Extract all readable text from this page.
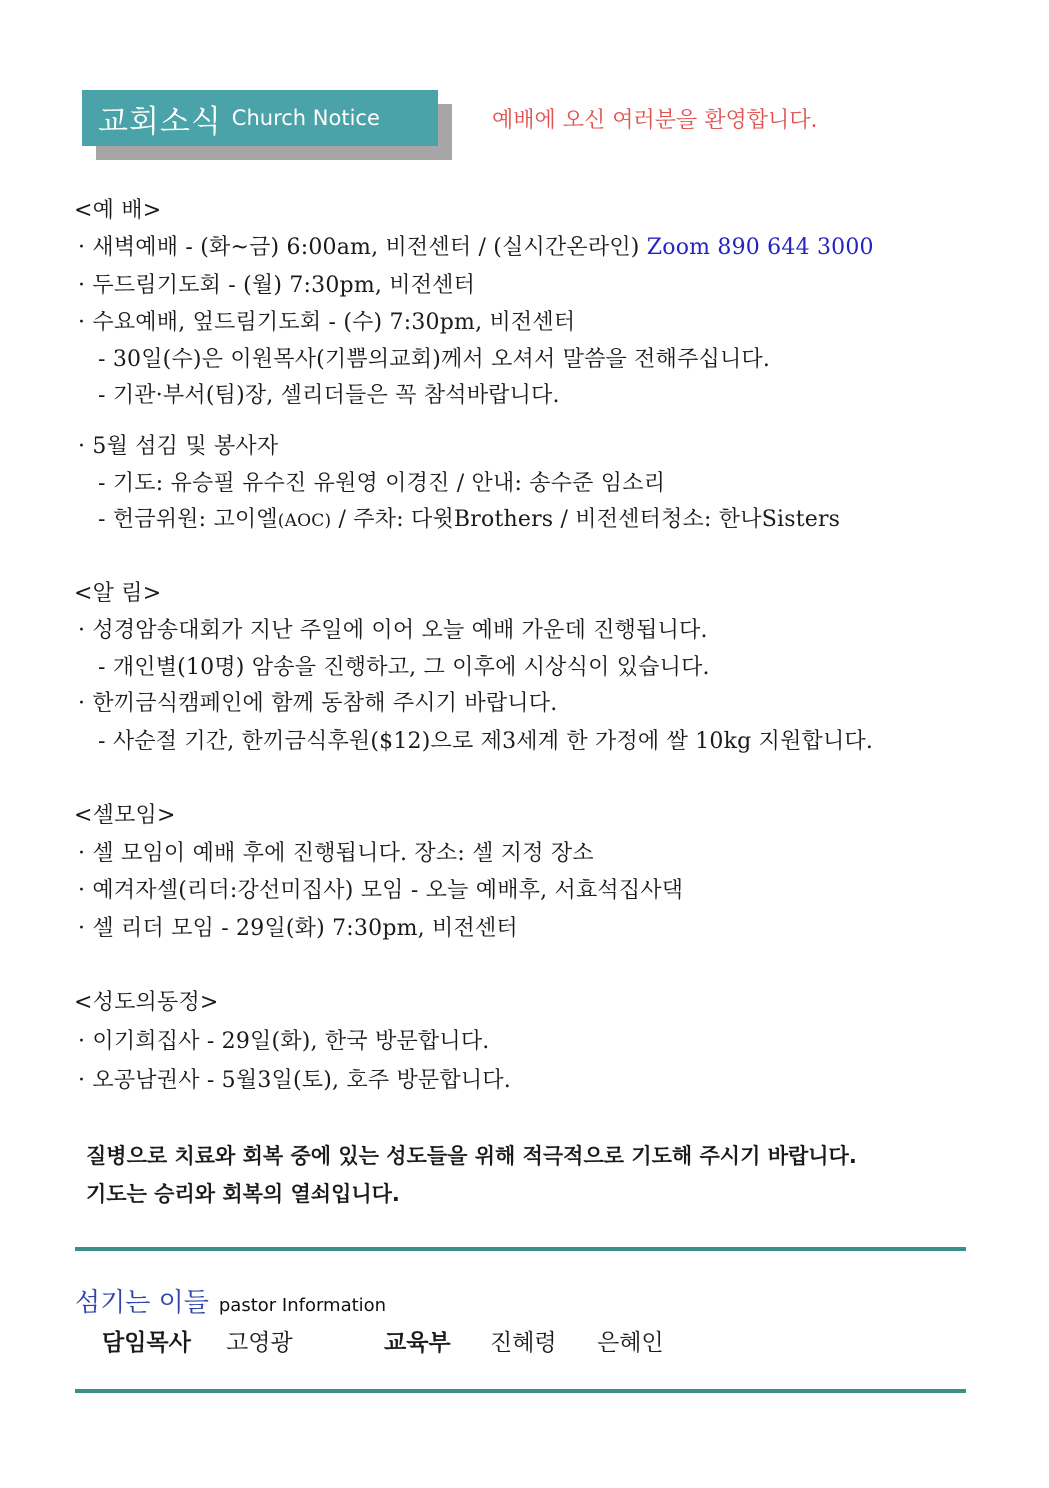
교회소식 Church Notice	예배에 오신 여러분을 환영합니다.
<예 배>
· 새벽예배 - (화~금) 6:00am, 비전센터 / (실시간온라인) Zoom 890 644 3000
· 두드림기도회 - (월) 7:30pm, 비전센터
· 수요예배, 엎드림기도회 - (수) 7:30pm, 비전센터
- 30일(수)은 이원목사(기쁨의교회)께서 오셔서 말씀을 전해주십니다.
- 기관·부서(팀)장, 셀리더들은 꼭 참석바랍니다.
· 5월 섬김 및 봉사자
- 기도: 유승필 유수진 유원영 이경진 / 안내: 송수준 임소리
- 헌금위원: 고이엘(AOC) / 주차: 다윗Brothers / 비전센터청소: 한나Sisters
<알 림>
· 성경암송대회가 지난 주일에 이어 오늘 예배 가운데 진행됩니다.
- 개인별(10명) 암송을 진행하고, 그 이후에 시상식이 있습니다.
· 한끼금식캠페인에 함께 동참해 주시기 바랍니다.
- 사순절 기간, 한끼금식후원($12)으로 제3세계 한 가정에 쌀 10kg 지원합니다.
<셀모임>
· 셀 모임이 예배 후에 진행됩니다. 장소: 셀 지정 장소
· 예겨자셀(리더:강선미집사) 모임 - 오늘 예배후, 서효석집사댁
· 셀 리더 모임 - 29일(화) 7:30pm, 비전센터
<성도의동정>
· 이기희집사 - 29일(화), 한국 방문합니다.
· 오공남권사 - 5월3일(토), 호주 방문합니다.
질병으로 치료와 회복 중에 있는 성도들을 위해 적극적으로 기도해 주시기 바랍니다.
기도는 승리와 회복의 열쇠입니다.
섬기는 이들 pastor Information
담임목사 고영광	교육부 진혜령 은혜인
